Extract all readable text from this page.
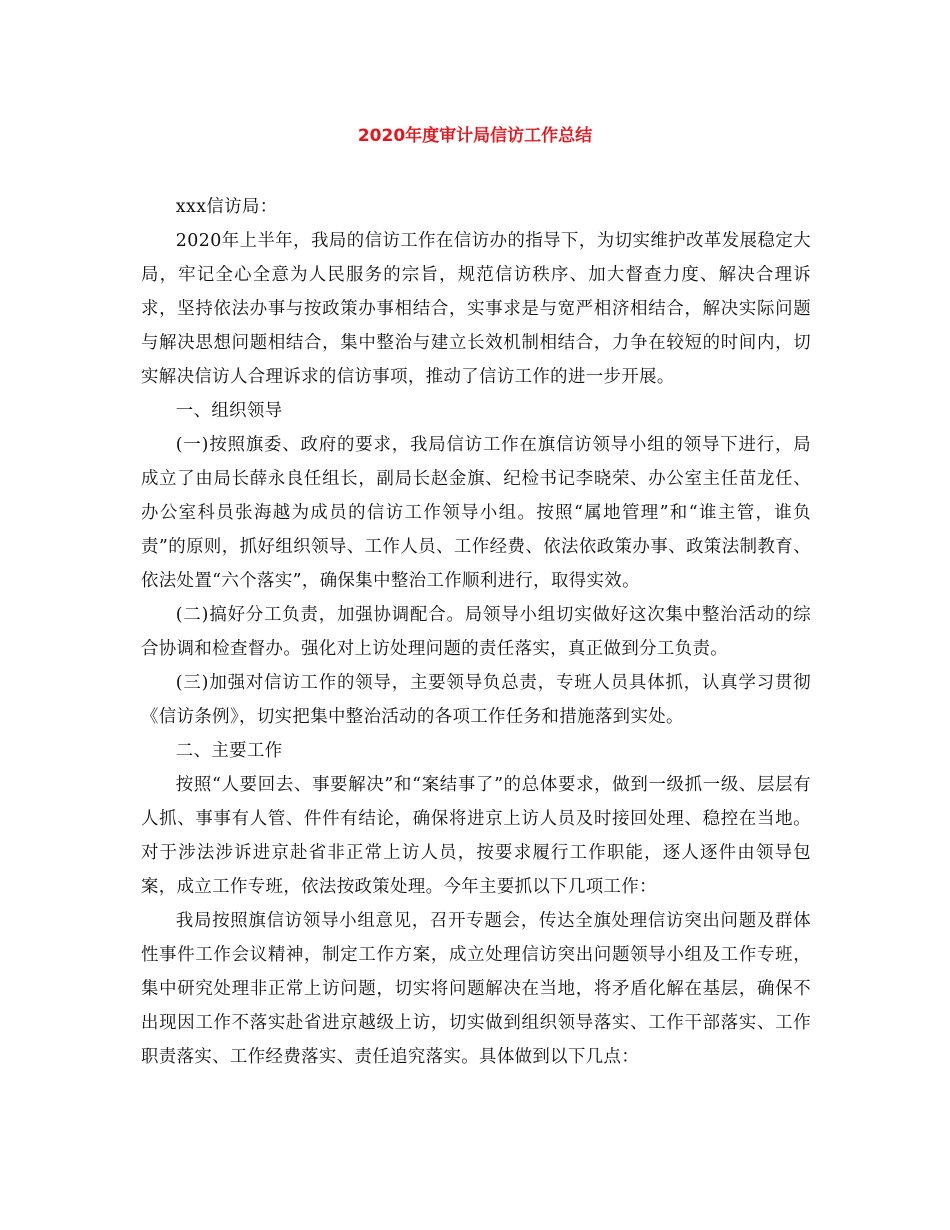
2020年度审计局信访工作总结

xxx信访局：

2020年上半年，我局的信访工作在信访办的指导下，为切实维护改革发展稳定大局，牢记全心全意为人民服务的宗旨，规范信访秩序、加大督查力度、解决合理诉求，坚持依法办事与按政策办事相结合，实事求是与宽严相济相结合，解决实际问题与解决思想问题相结合，集中整治与建立长效机制相结合，力争在较短的时间内，切实解决信访人合理诉求的信访事项，推动了信访工作的进一步开展。

一、组织领导

(一)按照旗委、政府的要求，我局信访工作在旗信访领导小组的领导下进行，局成立了由局长薛永良任组长，副局长赵金旗、纪检书记李晓荣、办公室主任苗龙任、办公室科员张海越为成员的信访工作领导小组。按照“属地管理”和“谁主管，谁负责”的原则，抓好组织领导、工作人员、工作经费、依法依政策办事、政策法制教育、依法处置“六个落实”，确保集中整治工作顺利进行，取得实效。

(二)搞好分工负责，加强协调配合。局领导小组切实做好这次集中整治活动的综合协调和检查督办。强化对上访处理问题的责任落实，真正做到分工负责。

(三)加强对信访工作的领导，主要领导负总责，专班人员具体抓，认真学习贯彻《信访条例》，切实把集中整治活动的各项工作任务和措施落到实处。

二、主要工作

按照“人要回去、事要解决”和“案结事了”的总体要求，做到一级抓一级、层层有人抓、事事有人管、件件有结论，确保将进京上访人员及时接回处理、稳控在当地。对于涉法涉诉进京赴省非正常上访人员，按要求履行工作职能，逐人逐件由领导包案，成立工作专班，依法按政策处理。今年主要抓以下几项工作：

我局按照旗信访领导小组意见，召开专题会，传达全旗处理信访突出问题及群体性事件工作会议精神，制定工作方案，成立处理信访突出问题领导小组及工作专班，集中研究处理非正常上访问题，切实将问题解决在当地，将矛盾化解在基层，确保不出现因工作不落实赴省进京越级上访，切实做到组织领导落实、工作干部落实、工作职责落实、工作经费落实、责任追究落实。具体做到以下几点：
